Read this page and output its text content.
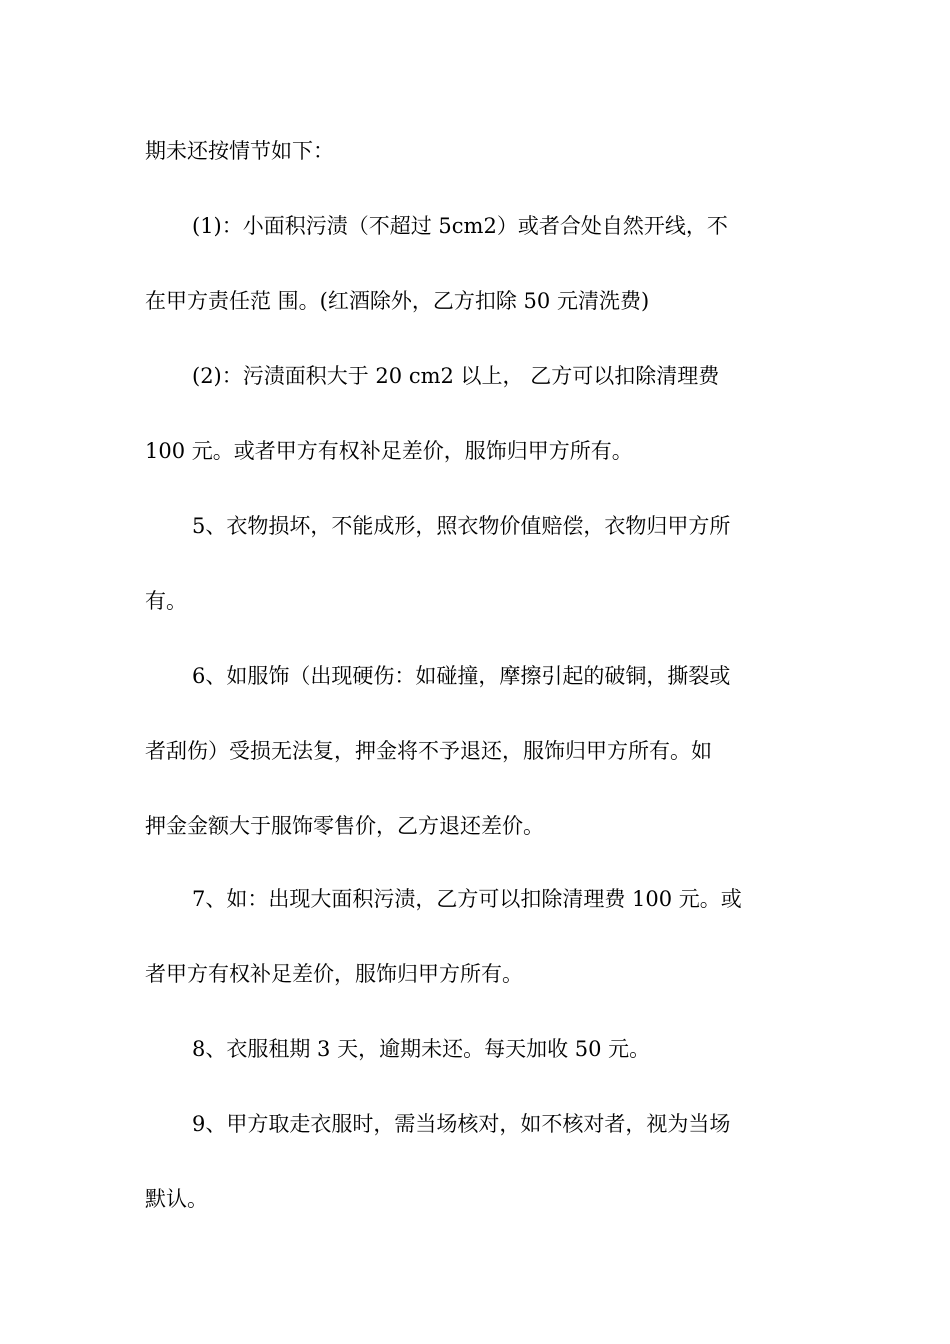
期未还按情节如下：
(1)：小面积污渍（不超过 5cm2）或者合处自然开线，不
在甲方责任范 围。(红酒除外，乙方扣除 50 元清洗费)
(2)：污渍面积大于 20 cm2 以上， 乙方可以扣除清理费
100 元。或者甲方有权补足差价，服饰归甲方所有。
5、衣物损坏，不能成形，照衣物价值赔偿，衣物归甲方所
有。
6、如服饰（出现硬伤：如碰撞，摩擦引起的破铜，撕裂或
者刮伤）受损无法复，押金将不予退还，服饰归甲方所有。如
押金金额大于服饰零售价，乙方退还差价。
7、如：出现大面积污渍，乙方可以扣除清理费 100 元。或
者甲方有权补足差价，服饰归甲方所有。
8、衣服租期 3 天，逾期未还。每天加收 50 元。
9、甲方取走衣服时，需当场核对，如不核对者，视为当场
默认。
